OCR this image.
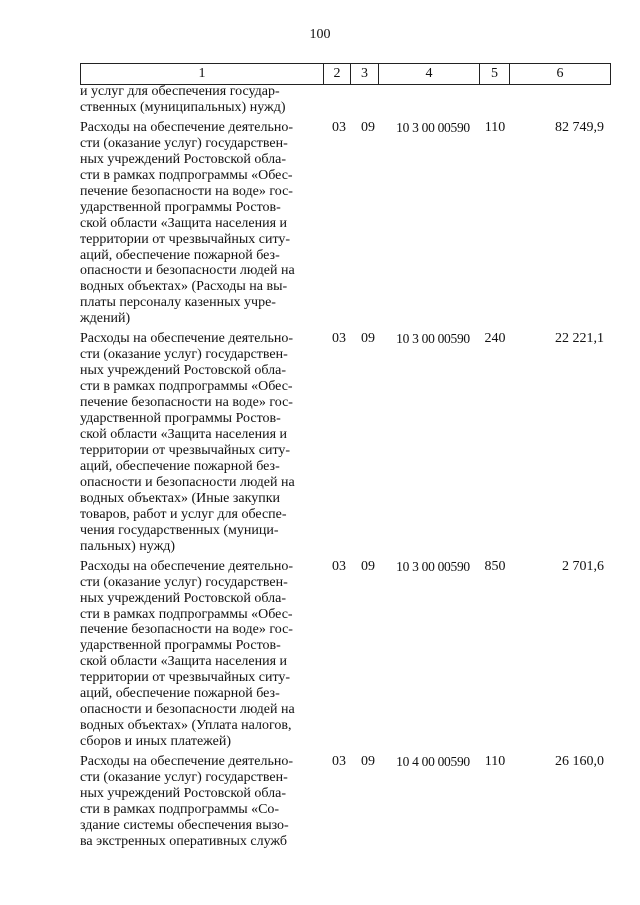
100
1	2	3	4	5	6
и услуг для обеспечения государ-
ственных (муниципальных) нужд)
Расходы на обеспечение деятельно-
сти (оказание услуг) государствен-
ных учреждений Ростовской обла-
сти в рамках подпрограммы «Обес-
печение безопасности на воде» гос-
ударственной программы Ростов-
ской области «Защита населения и
территории от чрезвычайных ситу-
аций, обеспечение пожарной без-
опасности и безопасности людей на
водных объектах» (Расходы на вы-
платы персоналу казенных учре-
ждений)
03 09	10 3 00 00590	110	82 749,9
Расходы на обеспечение деятельно-
сти (оказание услуг) государствен-
ных учреждений Ростовской обла-
сти в рамках подпрограммы «Обес-
печение безопасности на воде» гос-
ударственной программы Ростов-
ской области «Защита населения и
территории от чрезвычайных ситу-
аций, обеспечение пожарной без-
опасности и безопасности людей на
водных объектах» (Иные закупки
товаров, работ и услуг для обеспе-
чения государственных (муници-
пальных) нужд)
03 09	10 3 00 00590	240	22 221,1
Расходы на обеспечение деятельно-
сти (оказание услуг) государствен-
ных учреждений Ростовской обла-
сти в рамках подпрограммы «Обес-
печение безопасности на воде» гос-
ударственной программы Ростов-
ской области «Защита населения и
территории от чрезвычайных ситу-
аций, обеспечение пожарной без-
опасности и безопасности людей на
водных объектах» (Уплата налогов,
сборов и иных платежей)
03 09	10 3 00 00590	850	2 701,6
Расходы на обеспечение деятельно-
сти (оказание услуг) государствен-
ных учреждений Ростовской обла-
сти в рамках подпрограммы «Со-
здание системы обеспечения вызо-
ва экстренных оперативных служб
03 09	10 4 00 00590	110	26 160,0
